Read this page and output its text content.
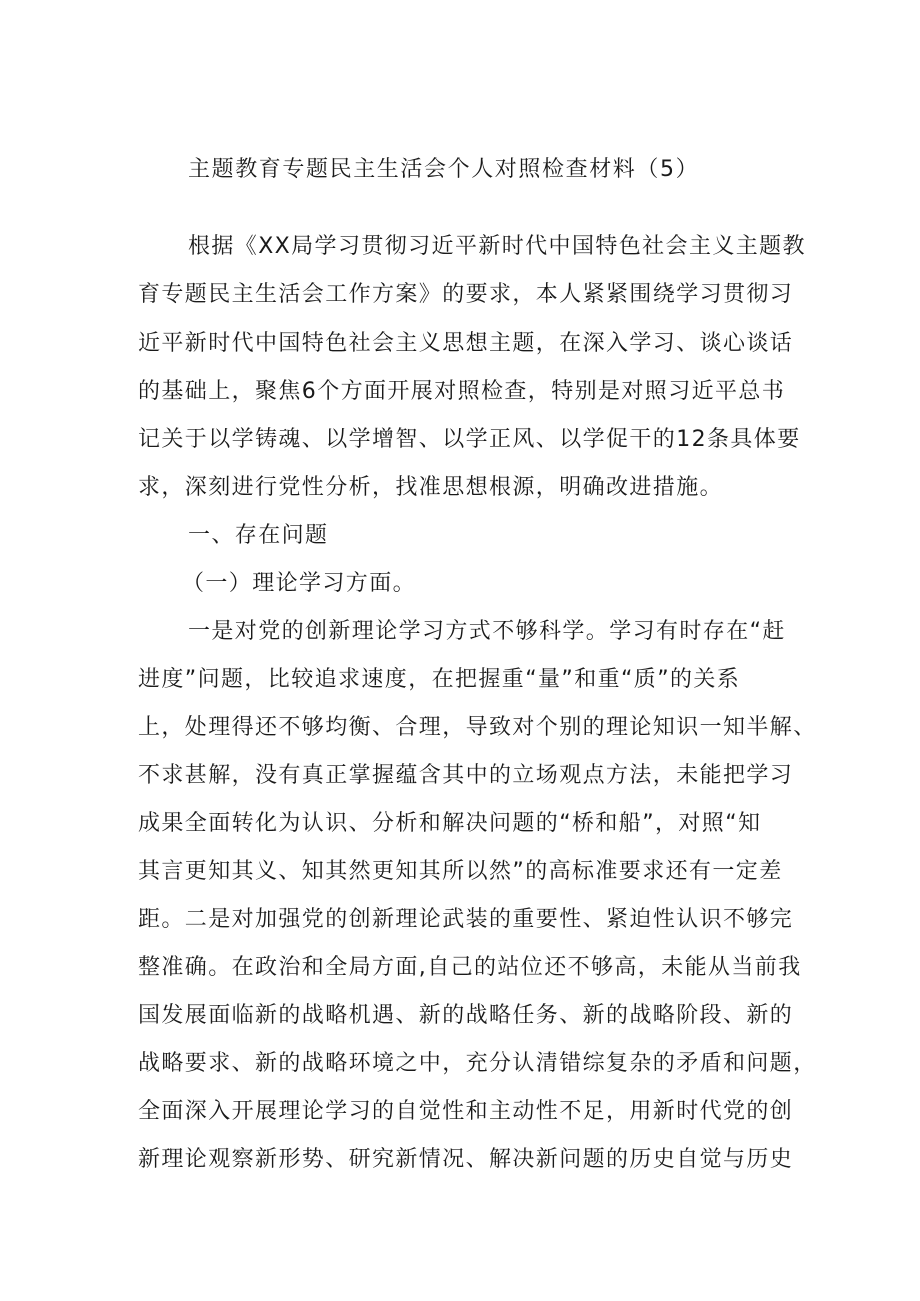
主题教育专题民主生活会个人对照检查材料（5）
根据《XX局学习贯彻习近平新时代中国特色社会主义主题教
育专题民主生活会工作方案》的要求，本人紧紧围绕学习贯彻习
近平新时代中国特色社会主义思想主题，在深入学习、谈心谈话
的基础上，聚焦6个方面开展对照检查，特别是对照习近平总书
记关于以学铸魂、以学增智、以学正风、以学促干的12条具体要
求，深刻进行党性分析，找准思想根源，明确改进措施。
一、存在问题
（一）理论学习方面。
一是对党的创新理论学习方式不够科学。学习有时存在“赶
进度”问题，比较追求速度，在把握重“量”和重“质”的关系
上，处理得还不够均衡、合理，导致对个别的理论知识一知半解、
不求甚解，没有真正掌握蕴含其中的立场观点方法，未能把学习
成果全面转化为认识、分析和解决问题的“桥和船”，对照“知
其言更知其义、知其然更知其所以然”的高标准要求还有一定差
距。二是对加强党的创新理论武装的重要性、紧迫性认识不够完
整准确。在政治和全局方面,自己的站位还不够高，未能从当前我
国发展面临新的战略机遇、新的战略任务、新的战略阶段、新的
战略要求、新的战略环境之中，充分认清错综复杂的矛盾和问题，
全面深入开展理论学习的自觉性和主动性不足，用新时代党的创
新理论观察新形势、研究新情况、解决新问题的历史自觉与历史
